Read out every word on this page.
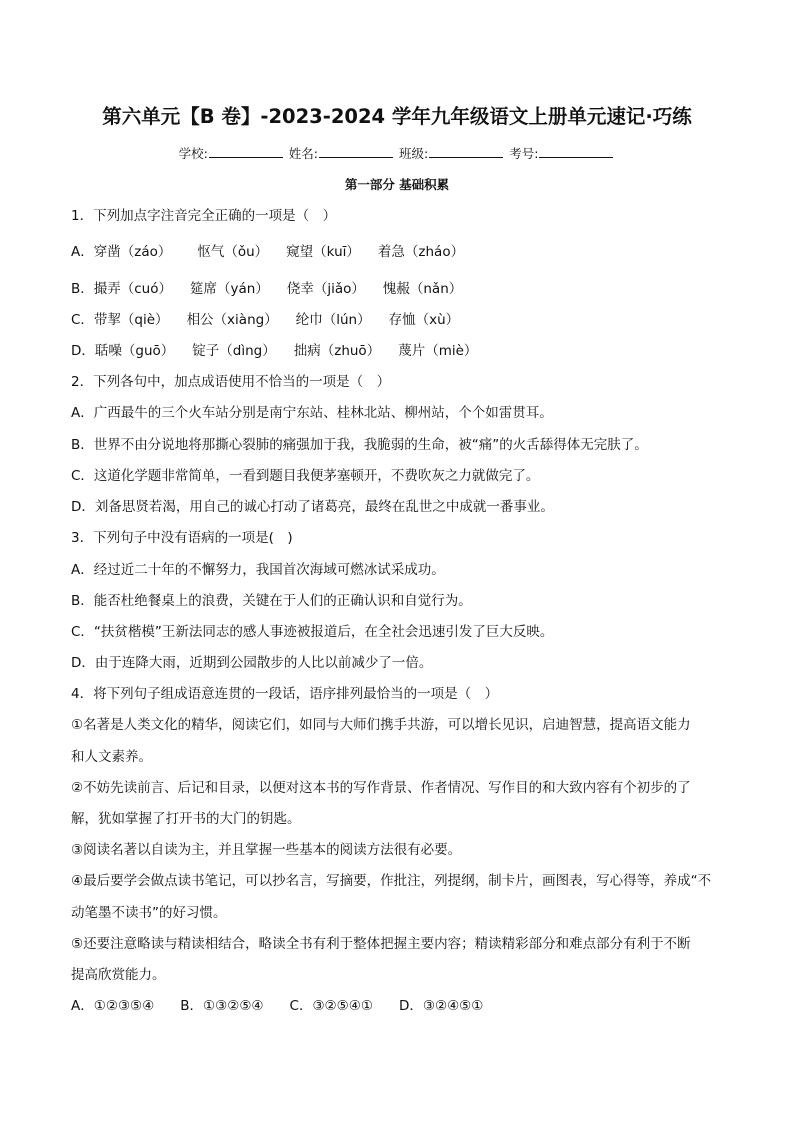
第六单元【B 卷】-2023-2024 学年九年级语文上册单元速记·巧练
学校:	姓名:	班级:	考号:
第一部分 基础积累
1．下列加点字注音完全正确的一项是（　）
A．穿凿（záo） 怄气（ǒu） 窥望（kuī） 着急（zháo）
B．撮弄（cuó） 筵席（yán） 侥幸（jiǎo） 愧赧（nǎn）
C．带挈（qiè） 相公（xiàng） 纶巾（lún） 存恤（xù）
D．聒噪（guō） 锭子（dìng） 拙病（zhuō） 蔑片（miè）
2．下列各句中，加点成语使用不恰当的一项是（　）
A．广西最牛的三个火车站分别是南宁东站、桂林北站、柳州站，个个如雷贯耳。
B．世界不由分说地将那撕心裂肺的痛强加于我，我脆弱的生命，被“痛”的火舌舔得体无完肤了。
C．这道化学题非常简单，一看到题目我便茅塞顿开，不费吹灰之力就做完了。
D．刘备思贤若渴，用自己的诚心打动了诸葛亮，最终在乱世之中成就一番事业。
3．下列句子中没有语病的一项是(　)
A．经过近二十年的不懈努力，我国首次海域可燃冰试采成功。
B．能否杜绝餐桌上的浪费，关键在于人们的正确认识和自觉行为。
C．“扶贫楷模”王新法同志的感人事迹被报道后，在全社会迅速引发了巨大反映。
D．由于连降大雨，近期到公园散步的人比以前减少了一倍。
4．将下列句子组成语意连贯的一段话，语序排列最恰当的一项是（　）
①名著是人类文化的精华，阅读它们，如同与大师们携手共游，可以增长见识，启迪智慧，提高语文能力
和人文素养。
②不妨先读前言、后记和目录，以便对这本书的写作背景、作者情况、写作目的和大致内容有个初步的了
解，犹如掌握了打开书的大门的钥匙。
③阅读名著以自读为主，并且掌握一些基本的阅读方法很有必要。
④最后要学会做点读书笔记，可以抄名言，写摘要，作批注，列提纲，制卡片，画图表，写心得等，养成“不
动笔墨不读书”的好习惯。
⑤还要注意略读与精读相结合，略读全书有利于整体把握主要内容；精读精彩部分和难点部分有利于不断
提高欣赏能力。
A．①②③⑤④ B．①③②⑤④ C．③②⑤④① D．③②④⑤①
